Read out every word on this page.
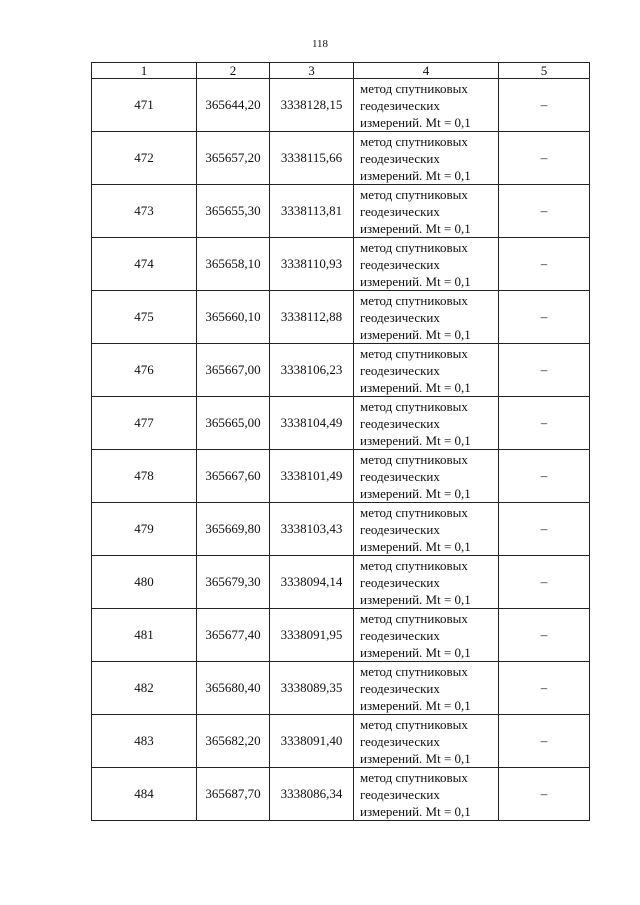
118
1	2	3	4	5
471	365644,20	3338128,15	метод спутниковых
геодезических
измерений. Mt = 0,1	–
472	365657,20	3338115,66	метод спутниковых
геодезических
измерений. Mt = 0,1	–
473	365655,30	3338113,81	метод спутниковых
геодезических
измерений. Mt = 0,1	–
474	365658,10	3338110,93	метод спутниковых
геодезических
измерений. Mt = 0,1	–
475	365660,10	3338112,88	метод спутниковых
геодезических
измерений. Mt = 0,1	–
476	365667,00	3338106,23	метод спутниковых
геодезических
измерений. Mt = 0,1	–
477	365665,00	3338104,49	метод спутниковых
геодезических
измерений. Mt = 0,1	–
478	365667,60	3338101,49	метод спутниковых
геодезических
измерений. Mt = 0,1	–
479	365669,80	3338103,43	метод спутниковых
геодезических
измерений. Mt = 0,1	–
480	365679,30	3338094,14	метод спутниковых
геодезических
измерений. Mt = 0,1	–
481	365677,40	3338091,95	метод спутниковых
геодезических
измерений. Mt = 0,1	–
482	365680,40	3338089,35	метод спутниковых
геодезических
измерений. Mt = 0,1	–
483	365682,20	3338091,40	метод спутниковых
геодезических
измерений. Mt = 0,1	–
484	365687,70	3338086,34	метод спутниковых
геодезических
измерений. Mt = 0,1	–
